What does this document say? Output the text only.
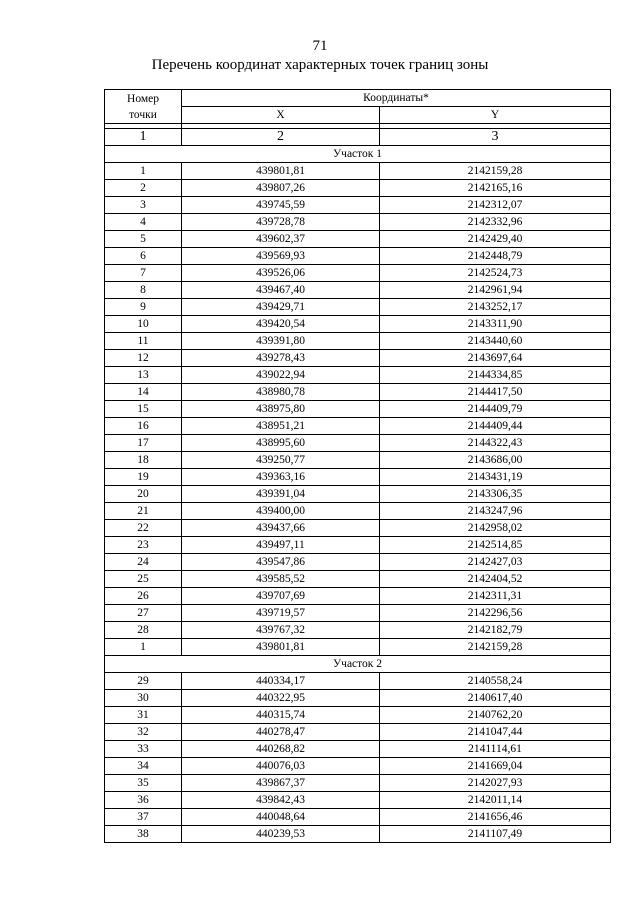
71
Перечень координат характерных точек границ зоны
Номер
точки	Координаты*	
	X	Y

1	2	3
Участок 1		
1	439801,81	2142159,28
2	439807,26	2142165,16
3	439745,59	2142312,07
4	439728,78	2142332,96
5	439602,37	2142429,40
6	439569,93	2142448,79
7	439526,06	2142524,73
8	439467,40	2142961,94
9	439429,71	2143252,17
10	439420,54	2143311,90
11	439391,80	2143440,60
12	439278,43	2143697,64
13	439022,94	2144334,85
14	438980,78	2144417,50
15	438975,80	2144409,79
16	438951,21	2144409,44
17	438995,60	2144322,43
18	439250,77	2143686,00
19	439363,16	2143431,19
20	439391,04	2143306,35
21	439400,00	2143247,96
22	439437,66	2142958,02
23	439497,11	2142514,85
24	439547,86	2142427,03
25	439585,52	2142404,52
26	439707,69	2142311,31
27	439719,57	2142296,56
28	439767,32	2142182,79
1	439801,81	2142159,28
Участок 2		
29	440334,17	2140558,24
30	440322,95	2140617,40
31	440315,74	2140762,20
32	440278,47	2141047,44
33	440268,82	2141114,61
34	440076,03	2141669,04
35	439867,37	2142027,93
36	439842,43	2142011,14
37	440048,64	2141656,46
38	440239,53	2141107,49
